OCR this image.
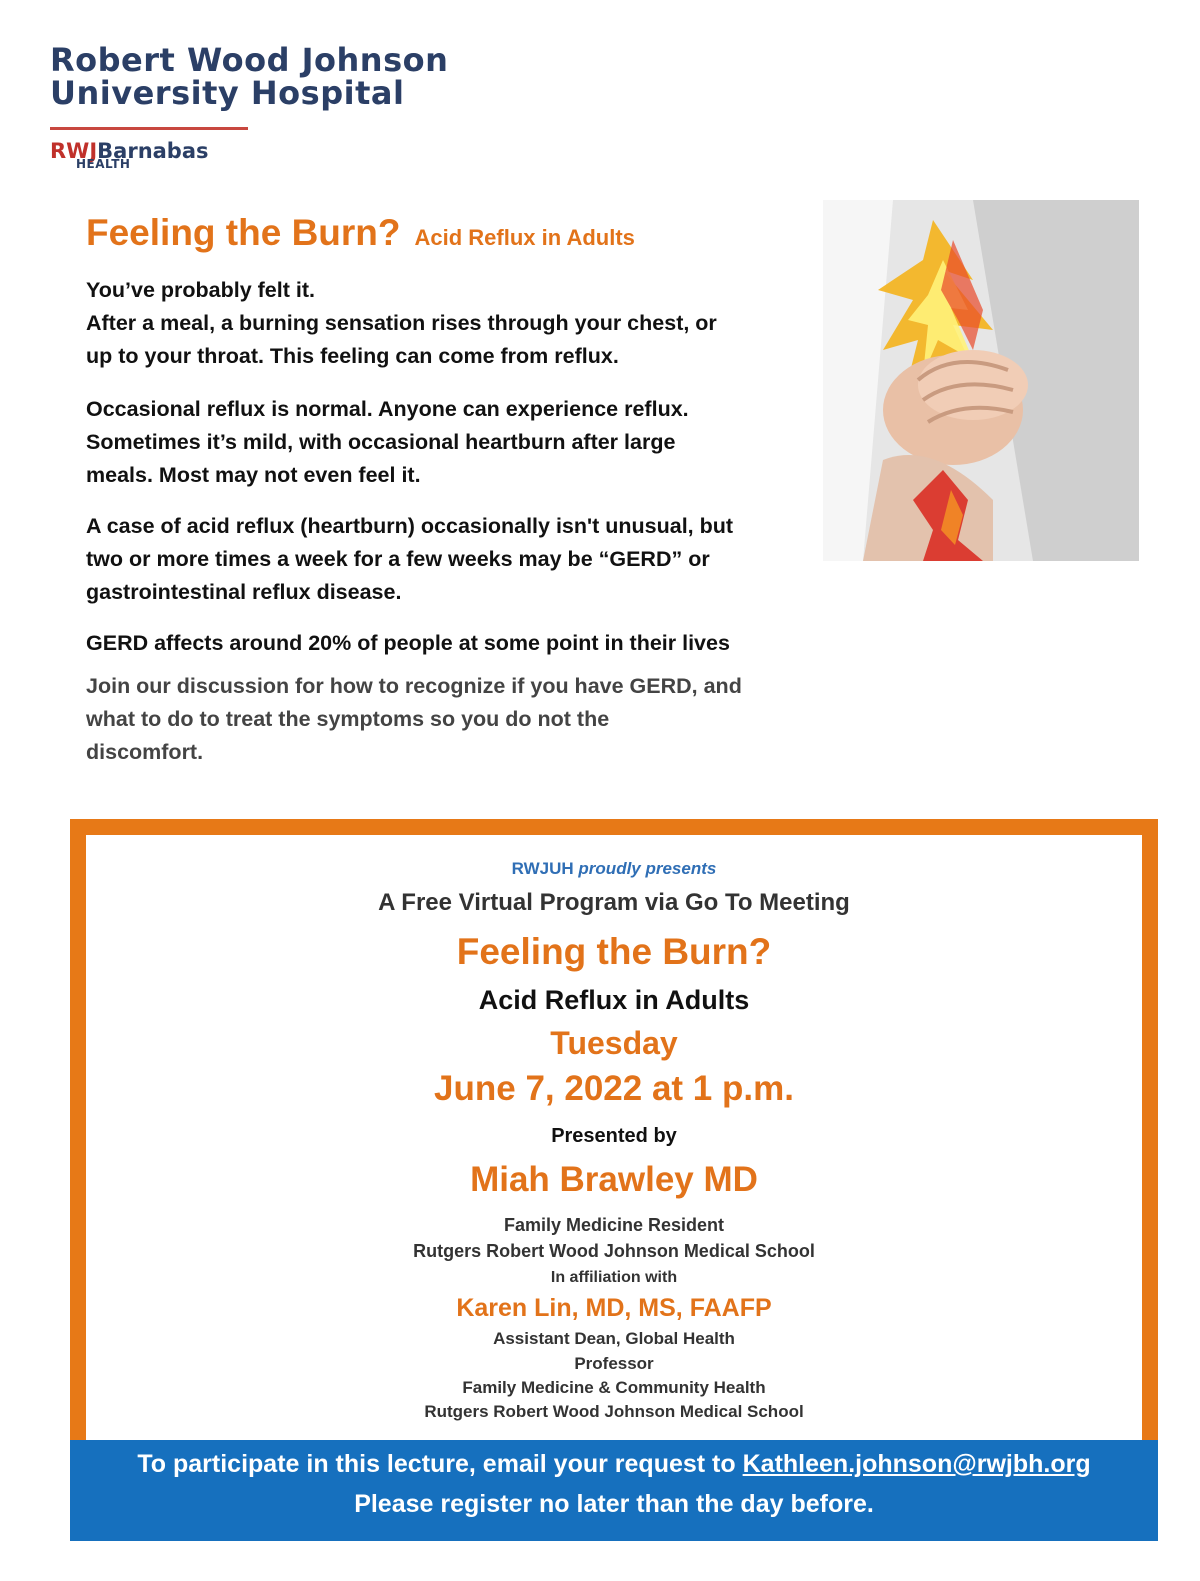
Robert Wood Johnson
University Hospital
RWJBarnabas
HEALTH
Feeling the Burn? Acid Reflux in Adults

You’ve probably felt it.
After a meal, a burning sensation rises through your chest, or
up to your throat. This feeling can come from reflux.

Occasional reflux is normal. Anyone can experience reflux.
Sometimes it’s mild, with occasional heartburn after large
meals. Most may not even feel it.

A case of acid reflux (heartburn) occasionally isn't unusual, but
two or more times a week for a few weeks may be “GERD” or
gastrointestinal reflux disease.

GERD affects around 20% of people at some point in their lives

Join our discussion for how to recognize if you have GERD, and
what to do to treat the symptoms so you do not the
discomfort.

RWJUH proudly presents
A Free Virtual Program via Go To Meeting
Feeling the Burn?
Acid Reflux in Adults
Tuesday
June 7, 2022 at 1 p.m.
Presented by
Miah Brawley MD
Family Medicine Resident
Rutgers Robert Wood Johnson Medical School
In affiliation with
Karen Lin, MD, MS, FAAFP
Assistant Dean, Global Health
Professor
Family Medicine & Community Health
Rutgers Robert Wood Johnson Medical School
To participate in this lecture, email your request to Kathleen.johnson@rwjbh.org
Please register no later than the day before.
